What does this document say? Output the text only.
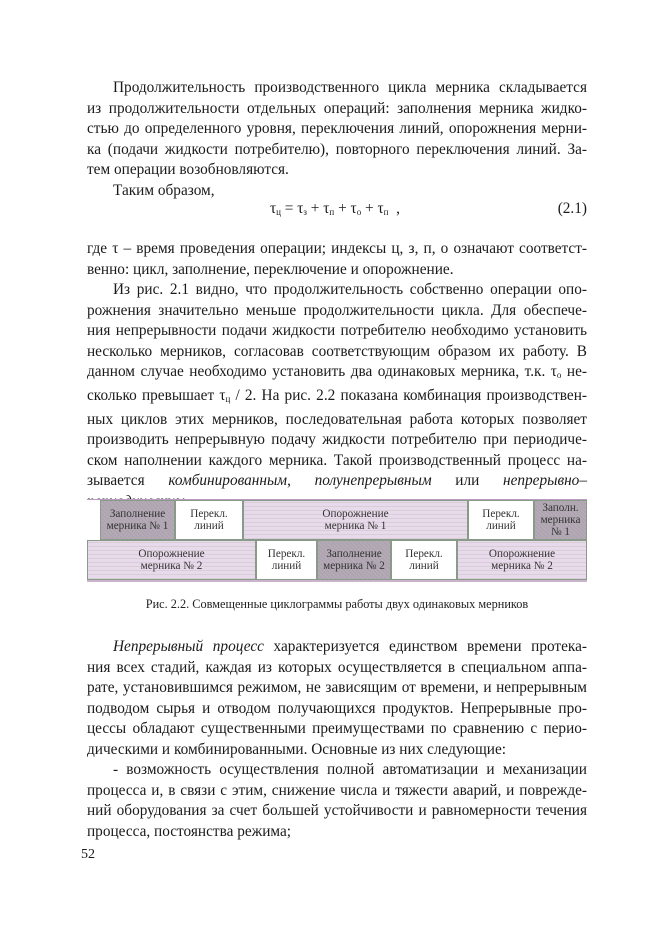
Продолжительность производственного цикла мерника складывается
из продолжительности отдельных операций: заполнения мерника жидко-
стью до определенного уровня, переключения линий, опорожнения мерни-
ка (подачи жидкости потребителю), повторного переключения линий. За-
тем операции возобновляются.
Таким образом,
$\tau_ц = \tau_з + \tau_п + \tau_о + \tau_п$  ,	(2.1)
где τ – время проведения операции; индексы ц, з, п, о означают соответст-
венно: цикл, заполнение, переключение и опорожнение.
Из рис. 2.1 видно, что продолжительность собственно операции опо-
рожнения значительно меньше продолжительности цикла. Для обеспече-
ния непрерывности подачи жидкости потребителю необходимо установить
несколько мерников, согласовав соответствующим образом их работу. В
данном случае необходимо установить два одинаковых мерника, т.к. $\tau_о$ не-
сколько превышает $\tau_ц / 2$. На рис. 2.2 показана комбинация производствен-
ных циклов этих мерников, последовательная работа которых позволяет
производить непрерывную подачу жидкости потребителю при периодиче-
ском наполнении каждого мерника. Такой производственный процесс на-
зывается комбинированным, полунепрерывным или непрерывно–
Заполнение мерника № 1
Перекл. линий
Опорожнение мерника № 1
Перекл. линий
Заполн. мерника № 1
Опорожнение мерника № 2
Перекл. линий
Заполнение мерника № 2
Перекл. линий
Опорожнение мерника № 2
Рис. 2.2. Совмещенные циклограммы работы двух одинаковых мерников
Непрерывный процесс характеризуется единством времени протека-
ния всех стадий, каждая из которых осуществляется в специальном аппа-
рате, установившимся режимом, не зависящим от времени, и непрерывным
подводом сырья и отводом получающихся продуктов. Непрерывные про-
цессы обладают существенными преимуществами по сравнению с перио-
дическими и комбинированными. Основные из них следующие:
- возможность осуществления полной автоматизации и механизации
процесса и, в связи с этим, снижение числа и тяжести аварий, и поврежде-
ний оборудования за счет большей устойчивости и равномерности течения
процесса, постоянства режима;
52
